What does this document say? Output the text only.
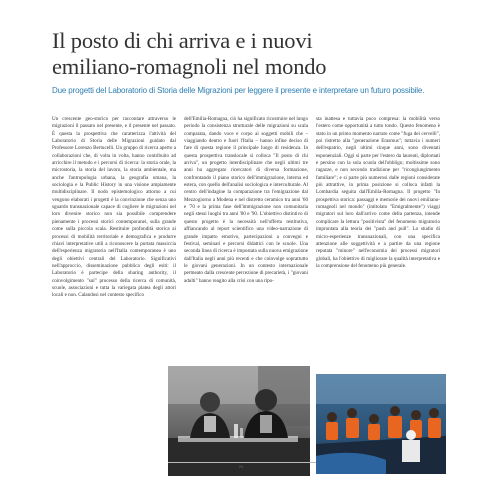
Il posto di chi arriva e i nuovi
emiliano-romagnoli nel mondo

Due progetti del Laboratorio di Storia delle Migrazioni per leggere il presente e interpretare un futuro possibile.

Un crescente geo-storico per raccontare attraverso le migrazioni il passato nel presente, e il presente nel passato. È questa la prospettiva che caratterizza l'attività del Laboratorio di Storia delle Migrazioni guidato dal Professore Lorenzo Bertucelli. Un gruppo di ricerca aperto a collaborazioni che, di volta in volta, hanno contribuito ad arricchire il metodo e i percorsi di ricerca: la storia orale, la microstoria, la storia del lavoro, la storia ambientale, ma anche l'antropologia urbana, la geografia umana, la sociologia e la Public History in una visione ampiamente multidisciplinare. Il nodo epistemologico attorno a cui vengono elaborati i progetti è la convinzione che senza uno sguardo transnazionale capace di cogliere le migrazioni nel loro divenire storico non sia possibile comprendere pienamente i processi storici contemporanei, sulla grande come sulla piccola scala. Restituire profondità storica ai processi di mobilità territoriale e demografica e produrre chiavi interpretative utili a riconoscere la portata massiccia dell'esperienza migratoria nell'Italia contemporanea è uno degli obiettivi centrali del Laboratorio. Significativi nell'approccio, disseminazione pubblica degli esiti: il Laboratorio è partecipe della sharing authority, il coinvolgimento "sul" processo della ricerca di comunità, scuole, associazioni e tutta la variegata platea degli attori locali e non. Calandosi nel contesto specifico

dell'Emilia-Romagna, ciò ha significato ricostruire nel lungo periodo la consistenza strutturale delle migrazioni su scala comparata, dando voce e corpo ai soggetti mobili che – viaggiando dentro e fuori l'Italia – hanno infine deciso di fare di questa regione il principale luogo di residenza. In questa prospettiva translocale si colloca "Il posto di chi arriva", un progetto interdisciplinare che negli ultimi tre anni ha aggregato ricercatori di diversa formazione, confrontando il piano storico dell'immigrazione, interna ed estera, con quello dell'analisi sociologica e interculturale. Al centro dell'indagine la comparazione tra l'emigrazione dal Mezzogiorno a Modena e nel distretto ceramico tra anni '60 e '70 e la prima fase dell'immigrazione non comunitaria negli stessi luoghi tra anni '80 e '90. L'obiettivo distintivo di questo progetto è la necessità nell'offerta restitutiva, affiancando al report scientifico una video-narrazione di grande impatto emotivo, partecipazioni a convegni e festival, seminari e percorsi didattici con le scuole. Una seconda linea di ricerca è impostata sulla nuova emigrazione dall'Italia negli anni più recenti e che coinvolge soprattutto le giovani generazioni. In un contesto internazionale permeato dalla crescente percezione di precarietà, i "giovani adulti" hanno reagito alla crisi con una ripo-

sta inattesa e tuttavia poco compresa: la mobilità verso l'estero come opportunità a tutto tondo. Questo fenomeno è stato in un primo momento narrato come "fuga dei cervelli", poi ristretto alla "generazione Erasmus"; tuttavia i numeri dell'espatrio, negli ultimi cinque anni, sono diventati esponenziali. Oggi si parte per l'estero da laureati, diplomati e persino con la sola scuola dell'obbligo; moltissime sono ragazze, e non secondo tradizione per "ricongiungimento familiare"; e si parte più numerosi dalle regioni considerate più attrattive, in prima posizione si colloca infatti la Lombardia seguita dall'Emilia-Romagna. Il progetto "In prospettiva storica: passaggi e memorie dei nuovi emiliano-romagnoli nel mondo" (intitolato "Emigralmente") viaggi migratori sul loro dall'arrivo come della partenza, intende complicare la lettura "positivista" del fenomeno migratorio improntata alla teoria dei "push and pull". Lo studio di micro-esperienze transnazionali, con una specifica attenzione alle soggettività e a partire da una regione reputata "minore" nell'economia dei processi migratori globali, ha l'obiettivo di migliorare la qualità interpretativa e la comprensione del fenomeno più generale.

24
